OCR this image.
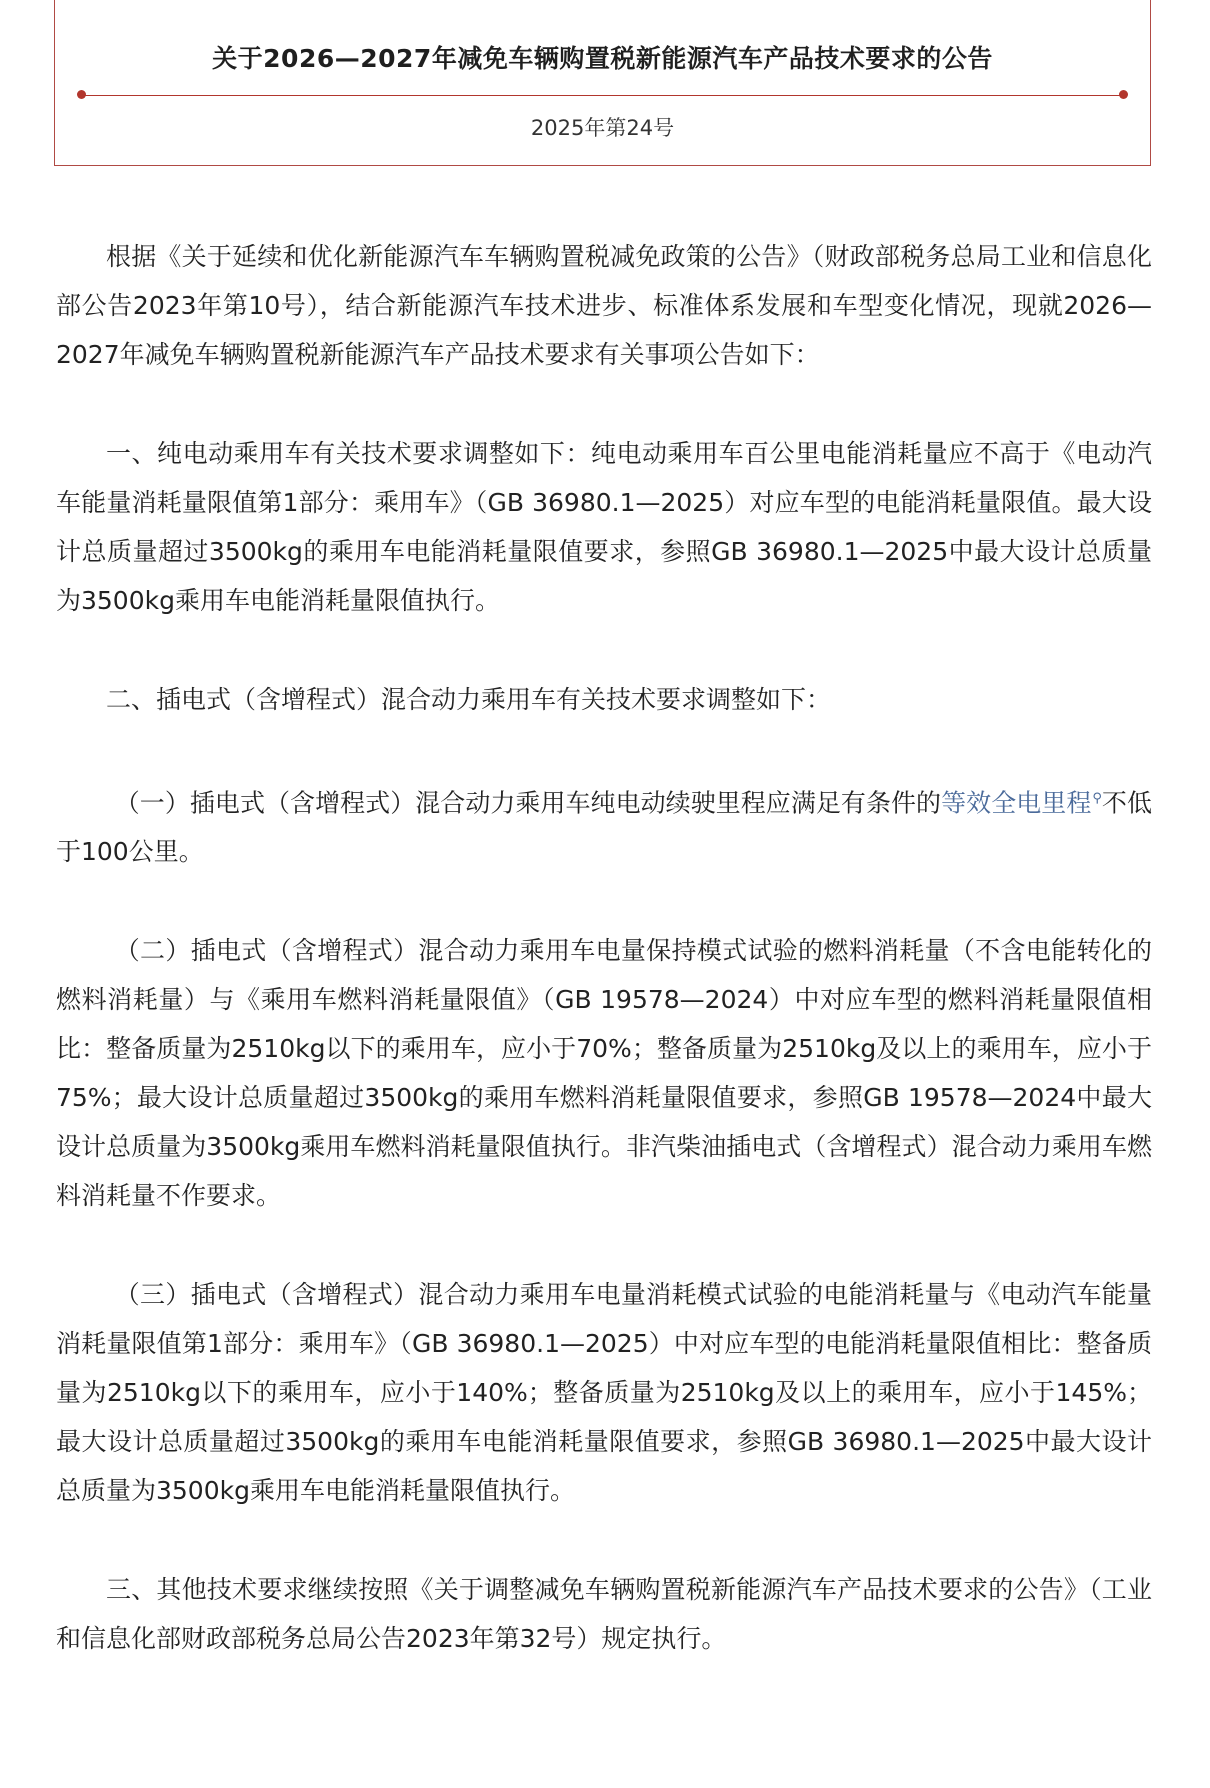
关于2026—2027年减免车辆购置税新能源汽车产品技术要求的公告
2025年第24号

根据《关于延续和优化新能源汽车车辆购置税减免政策的公告》（财政部税务总局工业和信息化部公告2023年第10号），结合新能源汽车技术进步、标准体系发展和车型变化情况，现就2026—2027年减免车辆购置税新能源汽车产品技术要求有关事项公告如下：

一、纯电动乘用车有关技术要求调整如下：纯电动乘用车百公里电能消耗量应不高于《电动汽车能量消耗量限值第1部分：乘用车》（GB 36980.1—2025）对应车型的电能消耗量限值。最大设计总质量超过3500kg的乘用车电能消耗量限值要求，参照GB 36980.1—2025中最大设计总质量为3500kg乘用车电能消耗量限值执行。

二、插电式（含增程式）混合动力乘用车有关技术要求调整如下：

（一）插电式（含增程式）混合动力乘用车纯电动续驶里程应满足有条件的等效全电里程⚲不低于100公里。

（二）插电式（含增程式）混合动力乘用车电量保持模式试验的燃料消耗量（不含电能转化的燃料消耗量）与《乘用车燃料消耗量限值》（GB 19578—2024）中对应车型的燃料消耗量限值相比：整备质量为2510kg以下的乘用车，应小于70%；整备质量为2510kg及以上的乘用车，应小于75%；最大设计总质量超过3500kg的乘用车燃料消耗量限值要求，参照GB 19578—2024中最大设计总质量为3500kg乘用车燃料消耗量限值执行。非汽柴油插电式（含增程式）混合动力乘用车燃料消耗量不作要求。

（三）插电式（含增程式）混合动力乘用车电量消耗模式试验的电能消耗量与《电动汽车能量消耗量限值第1部分：乘用车》（GB 36980.1—2025）中对应车型的电能消耗量限值相比：整备质量为2510kg以下的乘用车，应小于140%；整备质量为2510kg及以上的乘用车，应小于145%；最大设计总质量超过3500kg的乘用车电能消耗量限值要求，参照GB 36980.1—2025中最大设计总质量为3500kg乘用车电能消耗量限值执行。

三、其他技术要求继续按照《关于调整减免车辆购置税新能源汽车产品技术要求的公告》（工业和信息化部财政部税务总局公告2023年第32号）规定执行。
